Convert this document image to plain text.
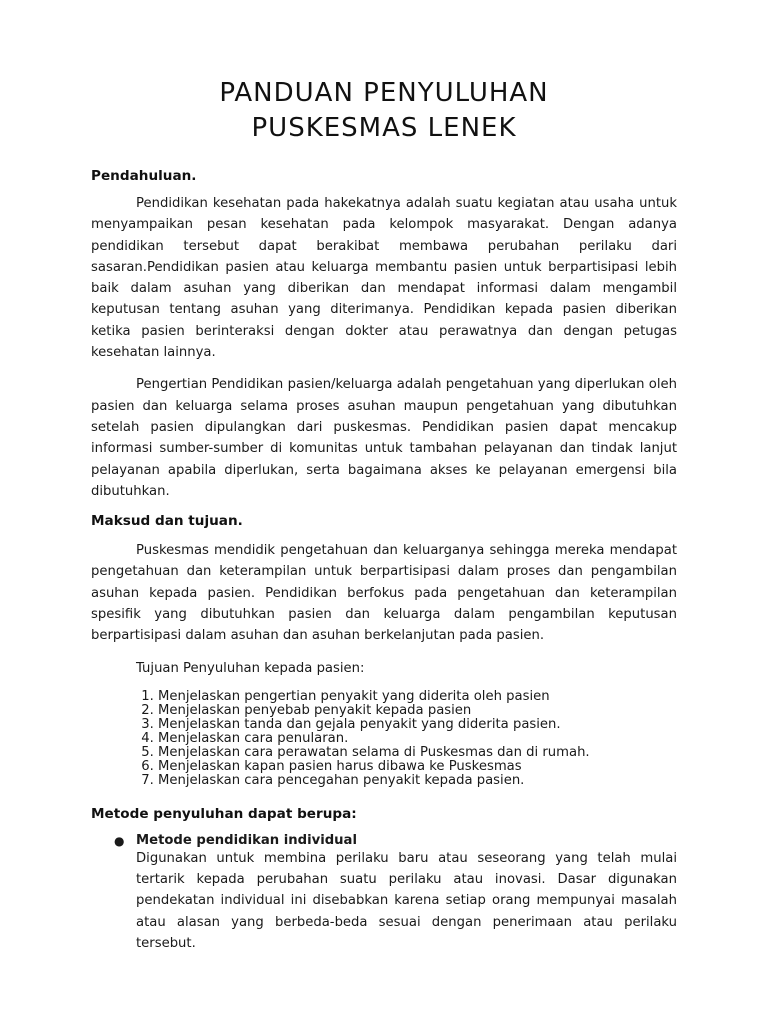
PANDUAN PENYULUHAN
PUSKESMAS LENEK
Pendahuluan.

Pendidikan kesehatan pada hakekatnya adalah suatu kegiatan atau usaha untuk menyampaikan pesan kesehatan pada kelompok masyarakat. Dengan adanya pendidikan tersebut dapat berakibat membawa perubahan perilaku dari sasaran.Pendidikan pasien atau keluarga membantu pasien untuk berpartisipasi lebih baik dalam asuhan yang diberikan dan mendapat informasi dalam mengambil keputusan tentang asuhan yang diterimanya. Pendidikan kepada pasien diberikan ketika pasien berinteraksi dengan dokter atau perawatnya dan dengan petugas kesehatan lainnya.

Pengertian Pendidikan pasien/keluarga adalah pengetahuan yang diperlukan oleh pasien dan keluarga selama proses asuhan maupun pengetahuan yang dibutuhkan setelah pasien dipulangkan dari puskesmas. Pendidikan pasien dapat mencakup informasi sumber-sumber di komunitas untuk tambahan pelayanan dan tindak lanjut pelayanan apabila diperlukan, serta bagaimana akses ke pelayanan emergensi bila dibutuhkan.

Maksud dan tujuan.

Puskesmas mendidik pengetahuan dan keluarganya sehingga mereka mendapat pengetahuan dan keterampilan untuk berpartisipasi dalam proses dan pengambilan asuhan kepada pasien. Pendidikan berfokus pada pengetahuan dan keterampilan spesifik yang dibutuhkan pasien dan keluarga dalam pengambilan keputusan berpartisipasi dalam asuhan dan asuhan berkelanjutan pada pasien.

Tujuan Penyuluhan kepada pasien:

1. Menjelaskan pengertian penyakit yang diderita oleh pasien
2. Menjelaskan penyebab penyakit kepada pasien
3. Menjelaskan tanda dan gejala penyakit yang diderita pasien.
4. Menjelaskan cara penularan.
5. Menjelaskan cara perawatan selama di Puskesmas dan di rumah.
6. Menjelaskan kapan pasien harus dibawa ke Puskesmas
7. Menjelaskan cara pencegahan penyakit kepada pasien.
Metode penyuluhan dapat berupa:
● Metode pendidikan individual

Digunakan untuk membina perilaku baru atau seseorang yang telah mulai tertarik kepada perubahan suatu perilaku atau inovasi. Dasar digunakan pendekatan individual ini disebabkan karena setiap orang mempunyai masalah atau alasan yang berbeda-beda sesuai dengan penerimaan atau perilaku tersebut.
